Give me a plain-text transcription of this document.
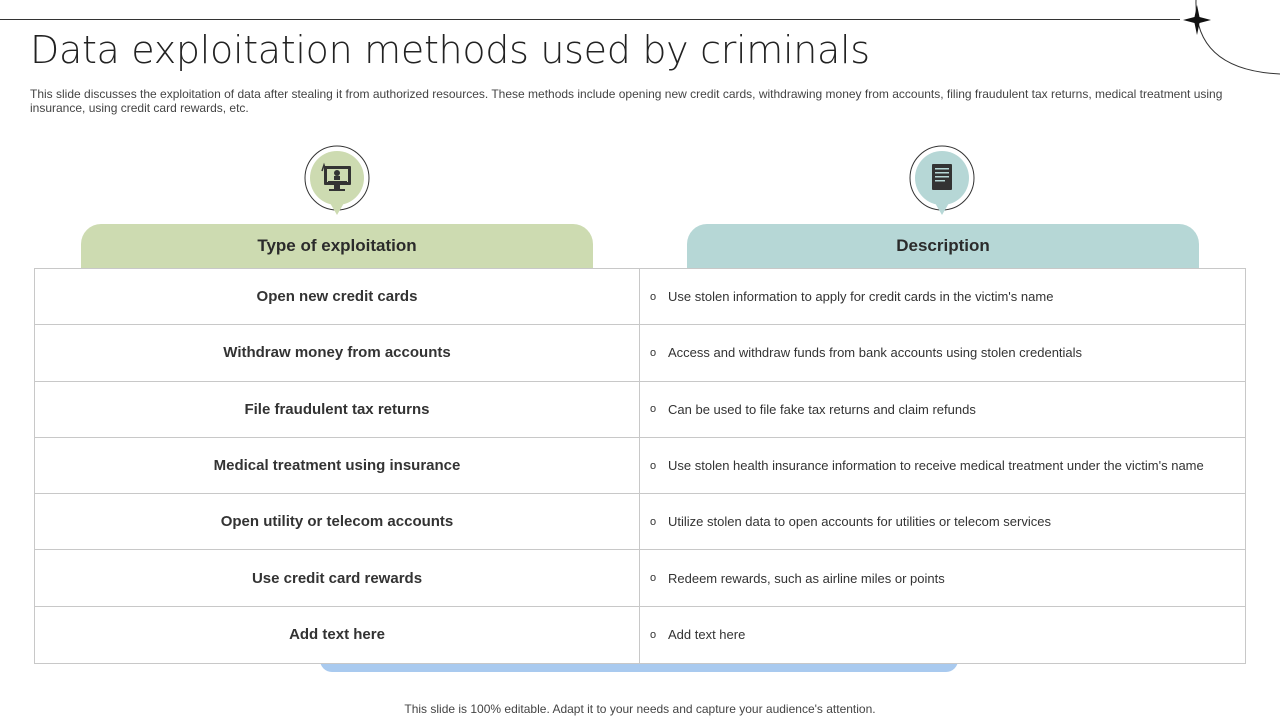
Data exploitation methods used by criminals
This slide discusses the exploitation of data after stealing it from authorized resources. These methods include opening new credit cards, withdrawing money from accounts, filing fraudulent tax returns, medical treatment using insurance, using credit card rewards, etc.
Type of exploitation	Description
Open new credit cards	o Use stolen information to apply for credit cards in the victim's name
Withdraw money from accounts	o Access and withdraw funds from bank accounts using stolen credentials
File fraudulent tax returns	o Can be used to file fake tax returns and claim refunds
Medical treatment using insurance	o Use stolen health insurance information to receive medical treatment under the victim's name
Open utility or telecom accounts	o Utilize stolen data to open accounts for utilities or telecom services
Use credit card rewards	o Redeem rewards, such as airline miles or points
Add text here	o Add text here
This slide is 100% editable. Adapt it to your needs and capture your audience's attention.
